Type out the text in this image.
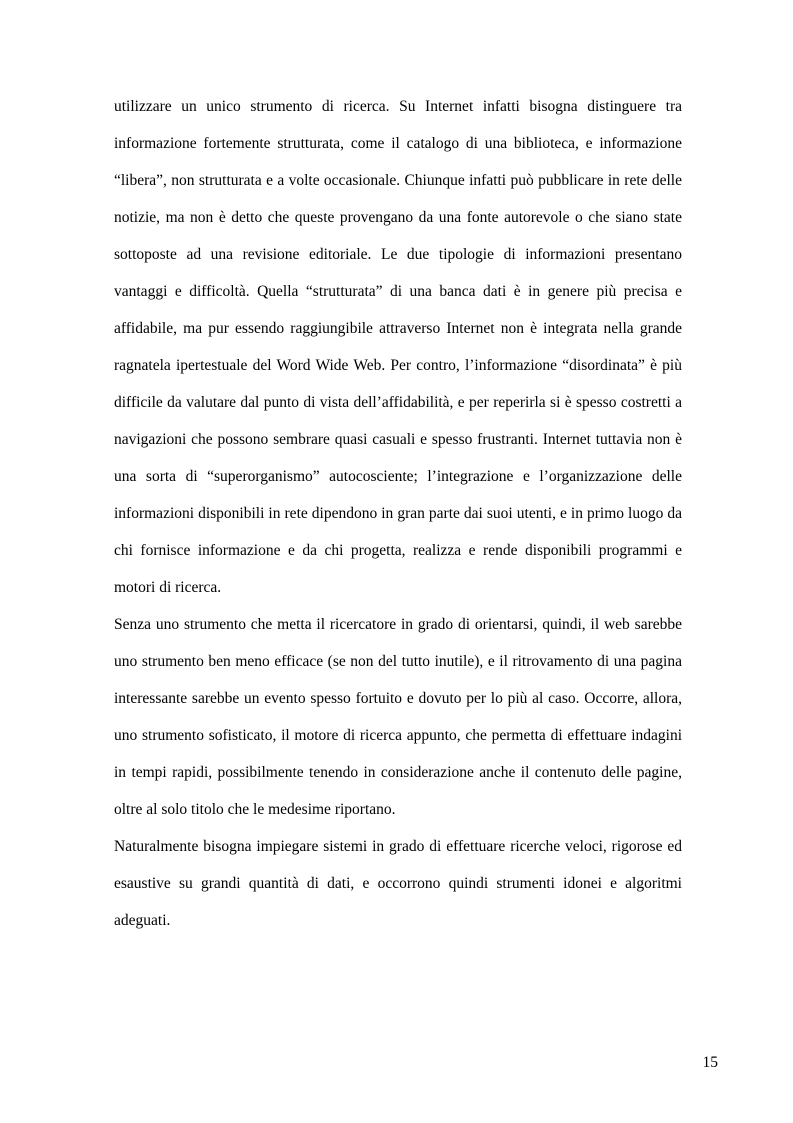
utilizzare un unico strumento di ricerca. Su Internet infatti bisogna distinguere tra informazione fortemente strutturata, come il catalogo di una biblioteca, e informazione “libera”, non strutturata e a volte occasionale. Chiunque infatti può pubblicare in rete delle notizie, ma non è detto che queste provengano da una fonte autorevole o che siano state sottoposte ad una revisione editoriale. Le due tipologie di informazioni presentano vantaggi e difficoltà. Quella “strutturata” di una banca dati è in genere più precisa e affidabile, ma pur essendo raggiungibile attraverso Internet non è integrata nella grande ragnatela ipertestuale del Word Wide Web. Per contro, l’informazione “disordinata” è più difficile da valutare dal punto di vista dell’affidabilità, e per reperirla si è spesso costretti a navigazioni che possono sembrare quasi casuali e spesso frustranti. Internet tuttavia non è una sorta di “superorganismo” autocosciente; l’integrazione e l’organizzazione delle informazioni disponibili in rete dipendono in gran parte dai suoi utenti, e in primo luogo da chi fornisce informazione e da chi progetta, realizza e rende disponibili programmi e motori di ricerca.

Senza uno strumento che metta il ricercatore in grado di orientarsi, quindi, il web sarebbe uno strumento ben meno efficace (se non del tutto inutile), e il ritrovamento di una pagina interessante sarebbe un evento spesso fortuito e dovuto per lo più al caso. Occorre, allora, uno strumento sofisticato, il motore di ricerca appunto, che permetta di effettuare indagini in tempi rapidi, possibilmente tenendo in considerazione anche il contenuto delle pagine, oltre al solo titolo che le medesime riportano.

Naturalmente bisogna impiegare sistemi in grado di effettuare ricerche veloci, rigorose ed esaustive su grandi quantità di dati, e occorrono quindi strumenti idonei e algoritmi adeguati.

15
